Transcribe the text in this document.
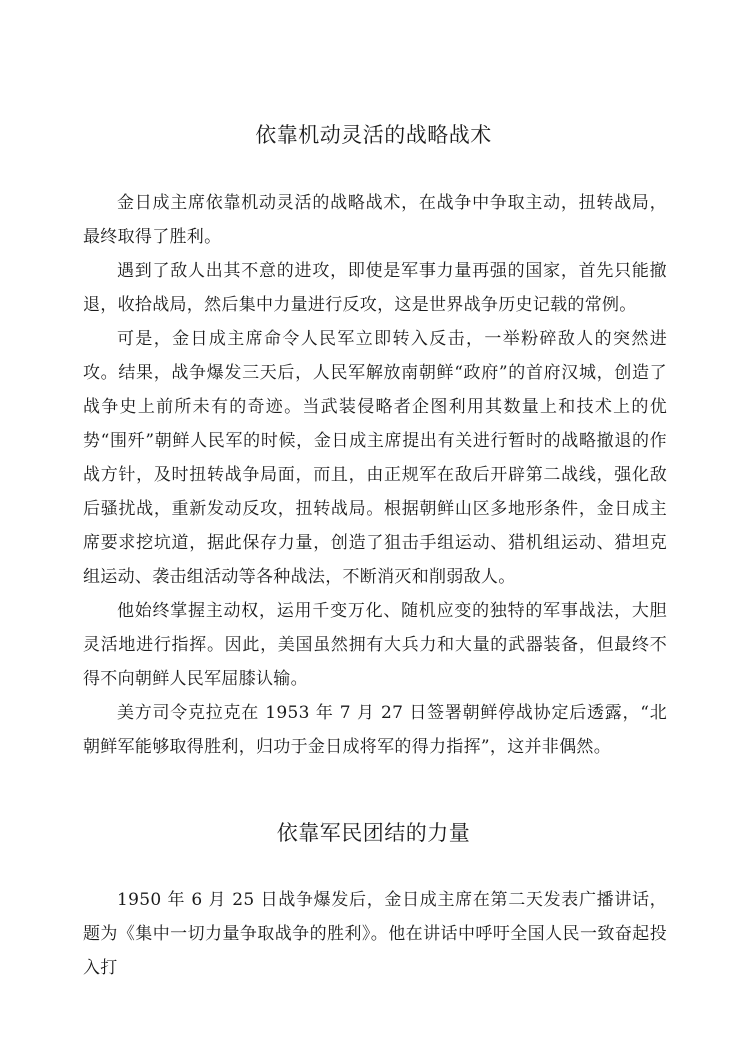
依靠机动灵活的战略战术

金日成主席依靠机动灵活的战略战术，在战争中争取主动，扭转战局，最终取得了胜利。

遇到了敌人出其不意的进攻，即使是军事力量再强的国家，首先只能撤退，收拾战局，然后集中力量进行反攻，这是世界战争历史记载的常例。

可是，金日成主席命令人民军立即转入反击，一举粉碎敌人的突然进攻。结果，战争爆发三天后，人民军解放南朝鲜“政府”的首府汉城，创造了战争史上前所未有的奇迹。当武装侵略者企图利用其数量上和技术上的优势“围歼”朝鲜人民军的时候，金日成主席提出有关进行暂时的战略撤退的作战方针，及时扭转战争局面，而且，由正规军在敌后开辟第二战线，强化敌后骚扰战，重新发动反攻，扭转战局。根据朝鲜山区多地形条件，金日成主席要求挖坑道，据此保存力量，创造了狙击手组运动、猎机组运动、猎坦克组运动、袭击组活动等各种战法，不断消灭和削弱敌人。

他始终掌握主动权，运用千变万化、随机应变的独特的军事战法，大胆灵活地进行指挥。因此，美国虽然拥有大兵力和大量的武器装备，但最终不得不向朝鲜人民军屈膝认输。

美方司令克拉克在 1953 年 7 月 27 日签署朝鲜停战协定后透露，“北朝鲜军能够取得胜利，归功于金日成将军的得力指挥”，这并非偶然。

依靠军民团结的力量

1950 年 6 月 25 日战争爆发后，金日成主席在第二天发表广播讲话，题为《集中一切力量争取战争的胜利》。他在讲话中呼吁全国人民一致奋起投入打
